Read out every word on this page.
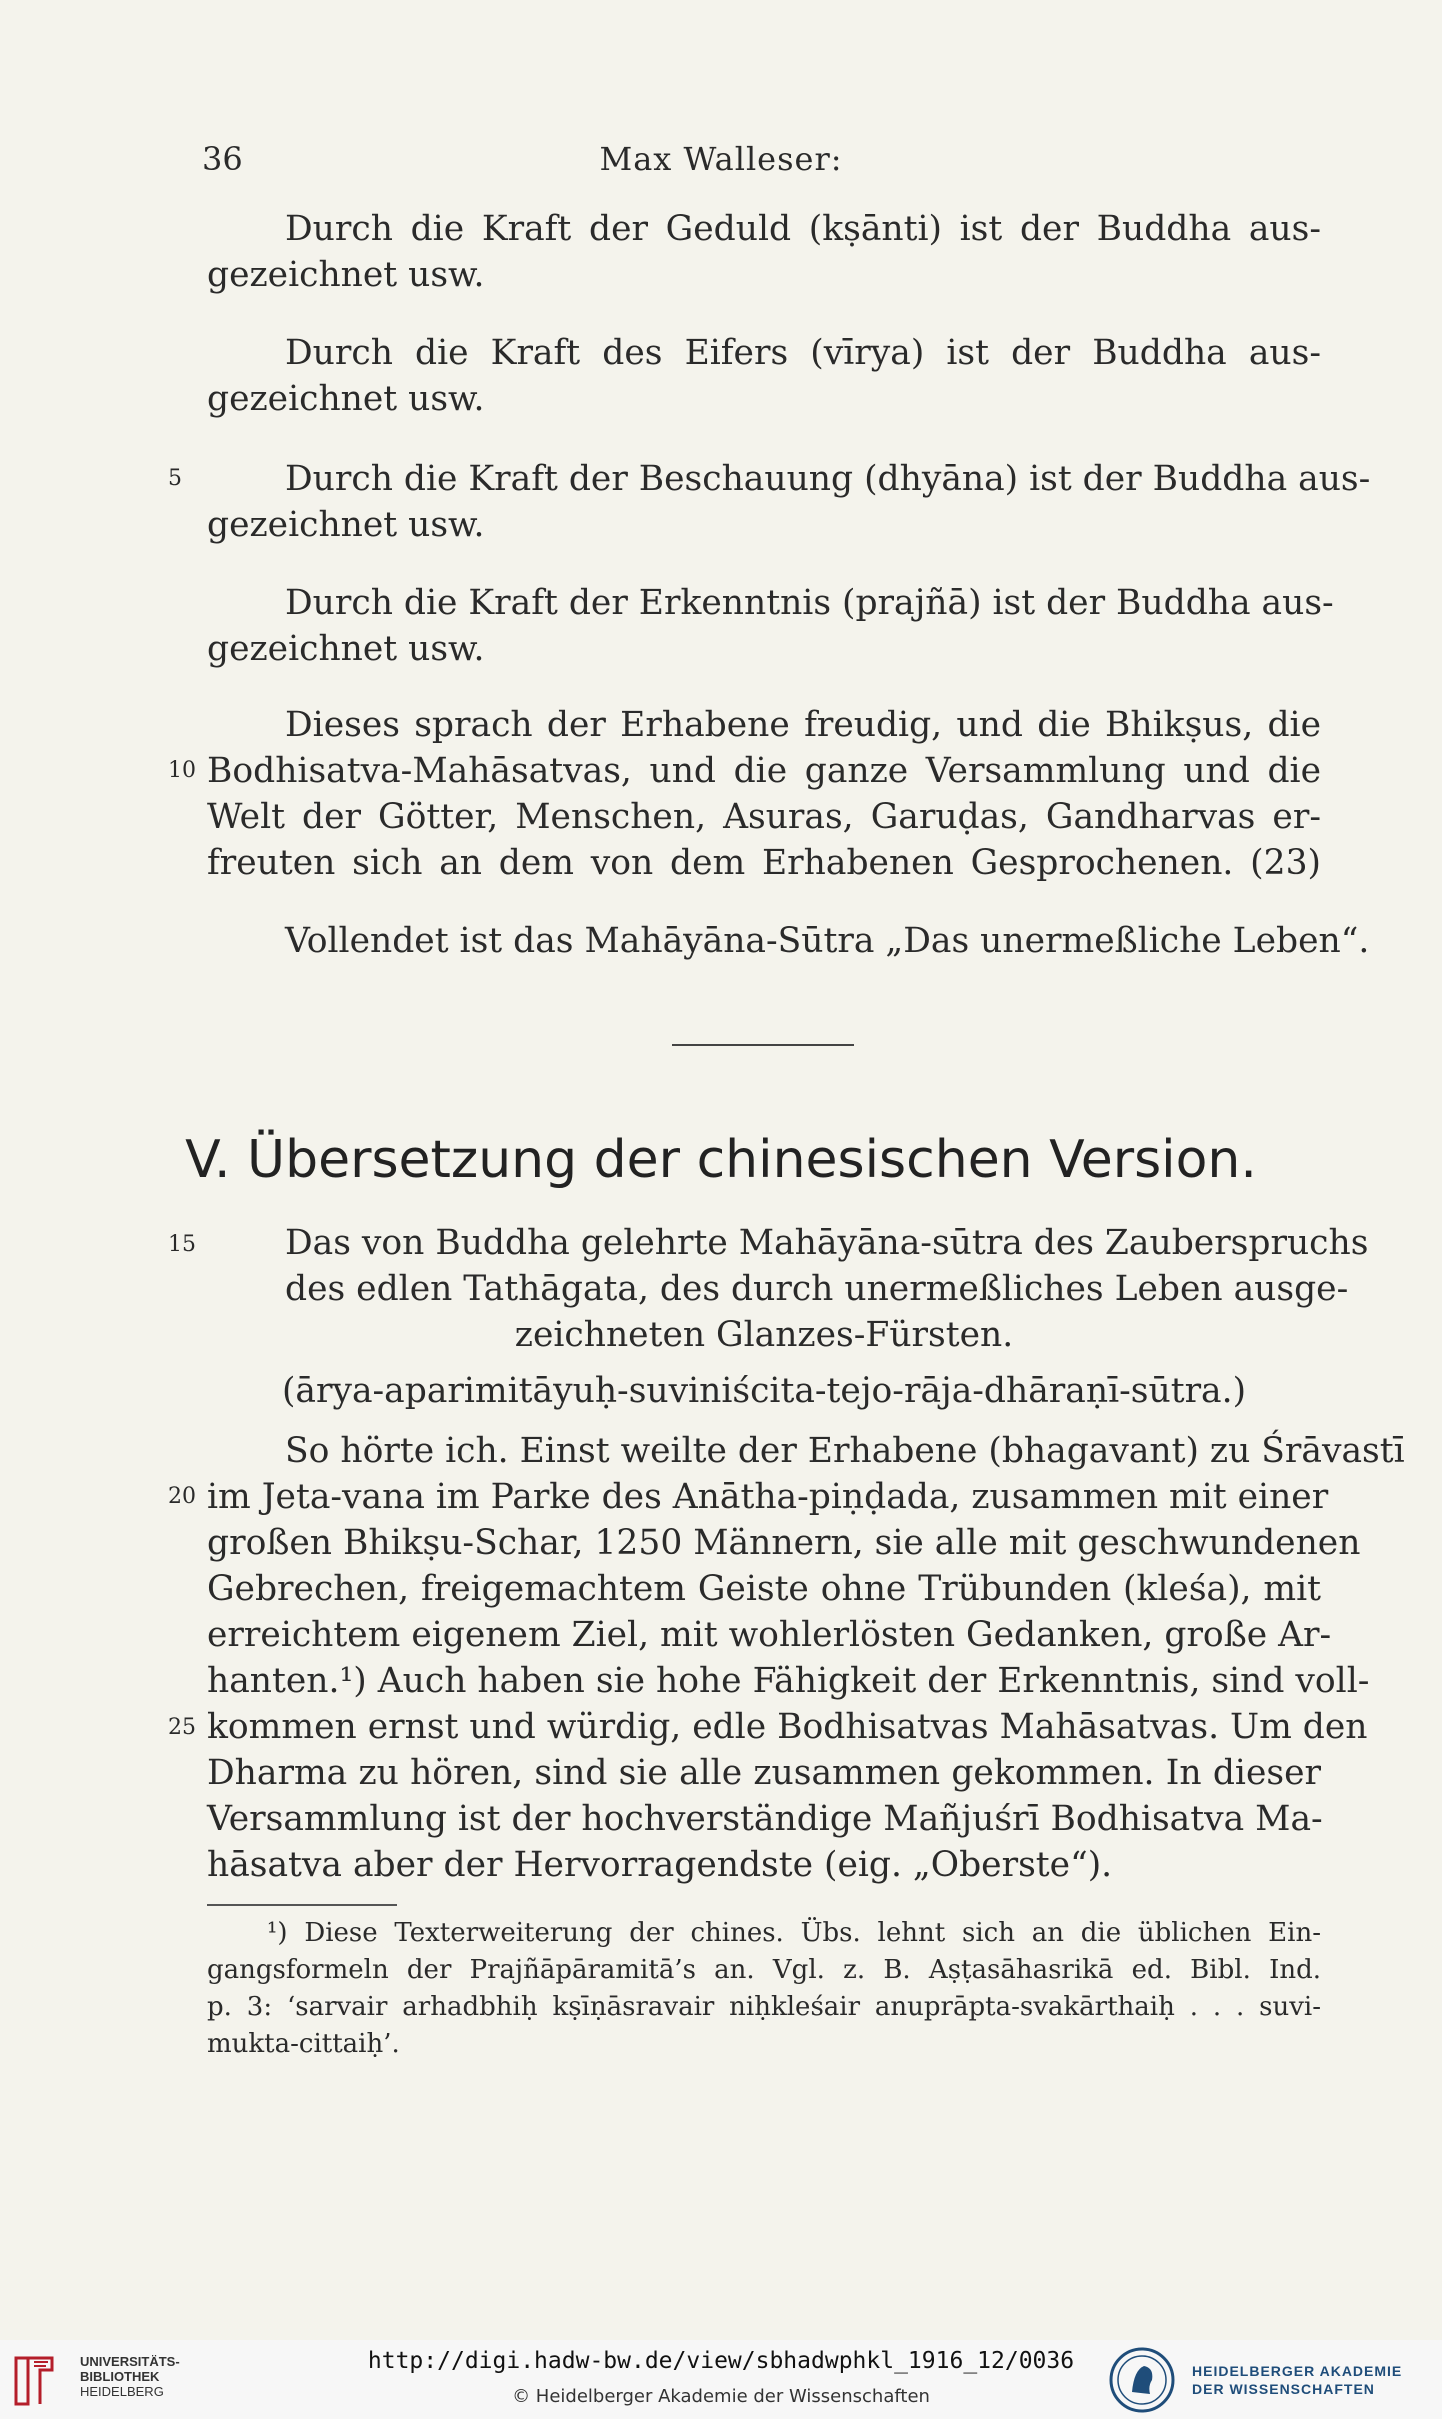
36	Max Walleser:

Durch die Kraft der Geduld (kṣānti) ist der Buddha aus-
gezeichnet usw.

Durch die Kraft des Eifers (vīrya) ist der Buddha aus-
gezeichnet usw.

5	Durch die Kraft der Beschauung (dhyāna) ist der Buddha aus-
gezeichnet usw.

Durch die Kraft der Erkenntnis (prajñā) ist der Buddha aus-
gezeichnet usw.

10

Dieses sprach der Erhabene freudig, und die Bhikṣus, die
Bodhisatva-Mahāsatvas, und die ganze Versammlung und die
Welt der Götter, Menschen, Asuras, Garuḍas, Gandharvas er-
freuten sich an dem von dem Erhabenen Gesprochenen. (23)

Vollendet ist das Mahāyāna-Sūtra „Das unermeßliche Leben“.

V. Übersetzung der chinesischen Version.
15	Das von Buddha gelehrte Mahāyāna-sūtra des Zauberspruchs
des edlen Tathāgata, des durch unermeßliches Leben ausge-
zeichneten Glanzes-Fürsten.

(ārya-aparimitāyuḥ-suviniścita-tejo-rāja-dhāraṇī-sūtra.)

20
25

So hörte ich. Einst weilte der Erhabene (bhagavant) zu Śrāvastī
im Jeta-vana im Parke des Anātha-piṇḍada, zusammen mit einer
großen Bhikṣu-Schar, 1250 Männern, sie alle mit geschwundenen
Gebrechen, freigemachtem Geiste ohne Trübunden (kleśa), mit
erreichtem eigenem Ziel, mit wohlerlösten Gedanken, große Ar-
hanten.¹) Auch haben sie hohe Fähigkeit der Erkenntnis, sind voll-
kommen ernst und würdig, edle Bodhisatvas Mahāsatvas. Um den
Dharma zu hören, sind sie alle zusammen gekommen. In dieser
Versammlung ist der hochverständige Mañjuśrī Bodhisatva Ma-
hāsatva aber der Hervorragendste (eig. „Oberste“).

¹) Diese Texterweiterung der chines. Übs. lehnt sich an die üblichen Ein-
gangsformeln der Prajñāpāramitā’s an. Vgl. z. B. Aṣṭasāhasrikā ed. Bibl. Ind.
p. 3: ‘sarvair arhadbhiḥ kṣīṇāsravair niḥkleśair anuprāpta-svakārthaiḥ . . . suvi-
mukta-cittaiḥ’.

UNIVERSITÄTS-
BIBLIOTHEK
HEIDELBERG
http://digi.hadw-bw.de/view/sbhadwphkl_1916_12/0036
© Heidelberger Akademie der Wissenschaften
HEIDELBERGER AKADEMIE
DER WISSENSCHAFTEN
